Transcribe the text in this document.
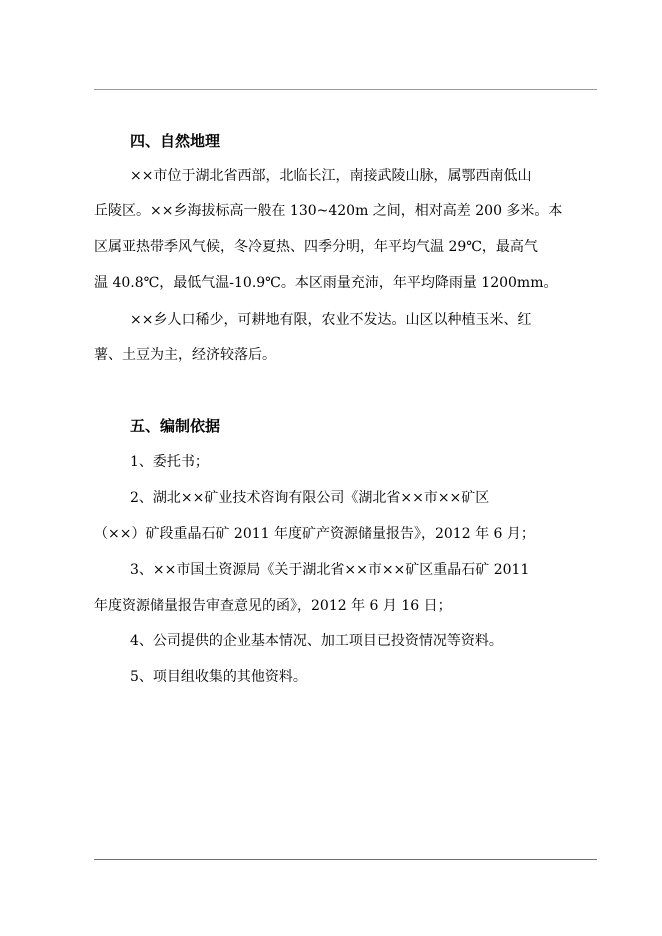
四、自然地理

××市位于湖北省西部，北临长江，南接武陵山脉，属鄂西南低山

丘陵区。××乡海拔标高一般在 130~420m 之间，相对高差 200 多米。本

区属亚热带季风气候，冬冷夏热、四季分明，年平均气温 29℃，最高气

温 40.8℃，最低气温-10.9℃。本区雨量充沛，年平均降雨量 1200mm。

××乡人口稀少，可耕地有限，农业不发达。山区以种植玉米、红

薯、土豆为主，经济较落后。

五、编制依据

1、委托书；

2、湖北××矿业技术咨询有限公司《湖北省××市××矿区

（××）矿段重晶石矿 2011 年度矿产资源储量报告》，2012 年 6 月；

3、××市国土资源局《关于湖北省××市××矿区重晶石矿 2011

年度资源储量报告审查意见的函》，2012 年 6 月 16 日；

4、公司提供的企业基本情况、加工项目已投资情况等资料。

5、项目组收集的其他资料。
